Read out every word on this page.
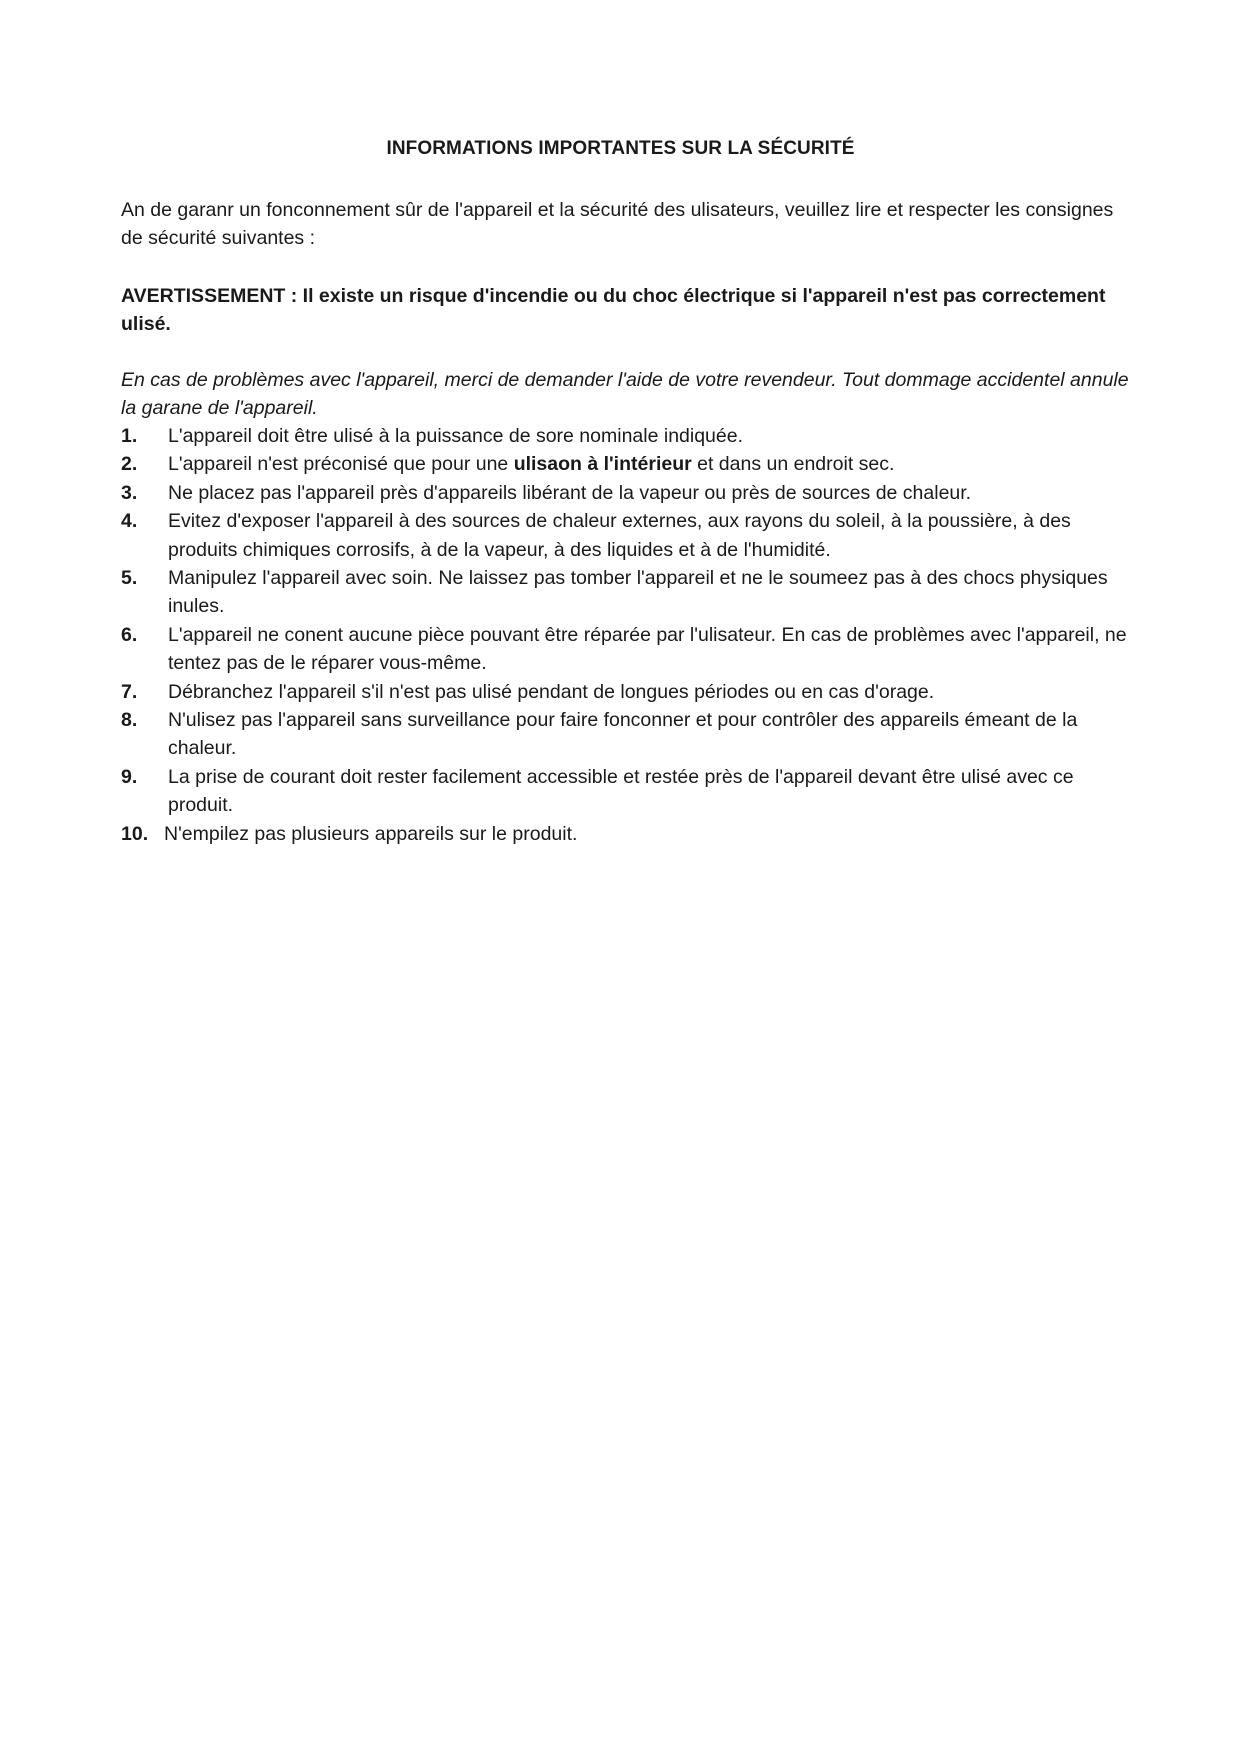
INFORMATIONS IMPORTANTES SUR LA SÉCURITÉ
An de garanr un fonconnement sûr de l'appareil et la sécurité des ulisateurs, veuillez lire et respecter les consignes de sécurité suivantes :
AVERTISSEMENT : Il existe un risque d'incendie ou du choc électrique si l'appareil n'est pas correctement ulisé.
En cas de problèmes avec l'appareil, merci de demander l'aide de votre revendeur. Tout dommage accidentel annule la garane de l'appareil.
1. L'appareil doit être ulisé à la puissance de sore nominale indiquée.
2. L'appareil n'est préconisé que pour une ulisaon à l'intérieur et dans un endroit sec.
3. Ne placez pas l'appareil près d'appareils libérant de la vapeur ou près de sources de chaleur.
4. Evitez d'exposer l'appareil à des sources de chaleur externes, aux rayons du soleil, à la poussière, à des produits chimiques corrosifs, à de la vapeur, à des liquides et à de l'humidité.
5. Manipulez l'appareil avec soin. Ne laissez pas tomber l'appareil et ne le soumeez pas à des chocs physiques inules.
6. L'appareil ne conent aucune pièce pouvant être réparée par l'ulisateur. En cas de problèmes avec l'appareil, ne tentez pas de le réparer vous-même.
7. Débranchez l'appareil s'il n'est pas ulisé pendant de longues périodes ou en cas d'orage.
8. N'ulisez pas l'appareil sans surveillance pour faire fonconner et pour contrôler des appareils émeant de la chaleur.
9. La prise de courant doit rester facilement accessible et restée près de l'appareil devant être ulisé avec ce produit.
10. N'empilez pas plusieurs appareils sur le produit.
